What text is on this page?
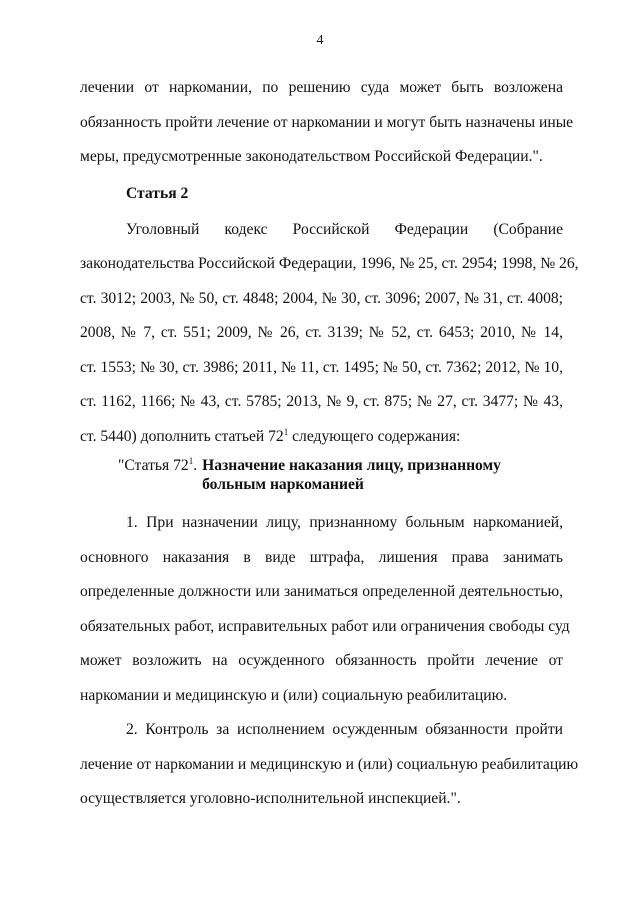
4
лечении от наркомании, по решению суда может быть возложена
обязанность пройти лечение от наркомании и могут быть назначены иные
меры, предусмотренные законодательством Российской Федерации.".
Статья 2
Уголовный кодекс Российской Федерации (Собрание
законодательства Российской Федерации, 1996, № 25, ст. 2954; 1998, № 26,
ст. 3012; 2003, № 50, ст. 4848; 2004, № 30, ст. 3096; 2007, № 31, ст. 4008;
2008, № 7, ст. 551; 2009, № 26, ст. 3139; № 52, ст. 6453; 2010, № 14,
ст. 1553; № 30, ст. 3986; 2011, № 11, ст. 1495; № 50, ст. 7362; 2012, № 10,
ст. 1162, 1166; № 43, ст. 5785; 2013, № 9, ст. 875; № 27, ст. 3477; № 43,
ст. 5440) дополнить статьей $72^1$ следующего содержания:
"Статья $72^1$. Назначение наказания лицу, признанному больным наркоманией
1. При назначении лицу, признанному больным наркоманией,
основного наказания в виде штрафа, лишения права занимать
определенные должности или заниматься определенной деятельностью,
обязательных работ, исправительных работ или ограничения свободы суд
может возложить на осужденного обязанность пройти лечение от
наркомании и медицинскую и (или) социальную реабилитацию.
2. Контроль за исполнением осужденным обязанности пройти
лечение от наркомании и медицинскую и (или) социальную реабилитацию
осуществляется уголовно-исполнительной инспекцией.".
